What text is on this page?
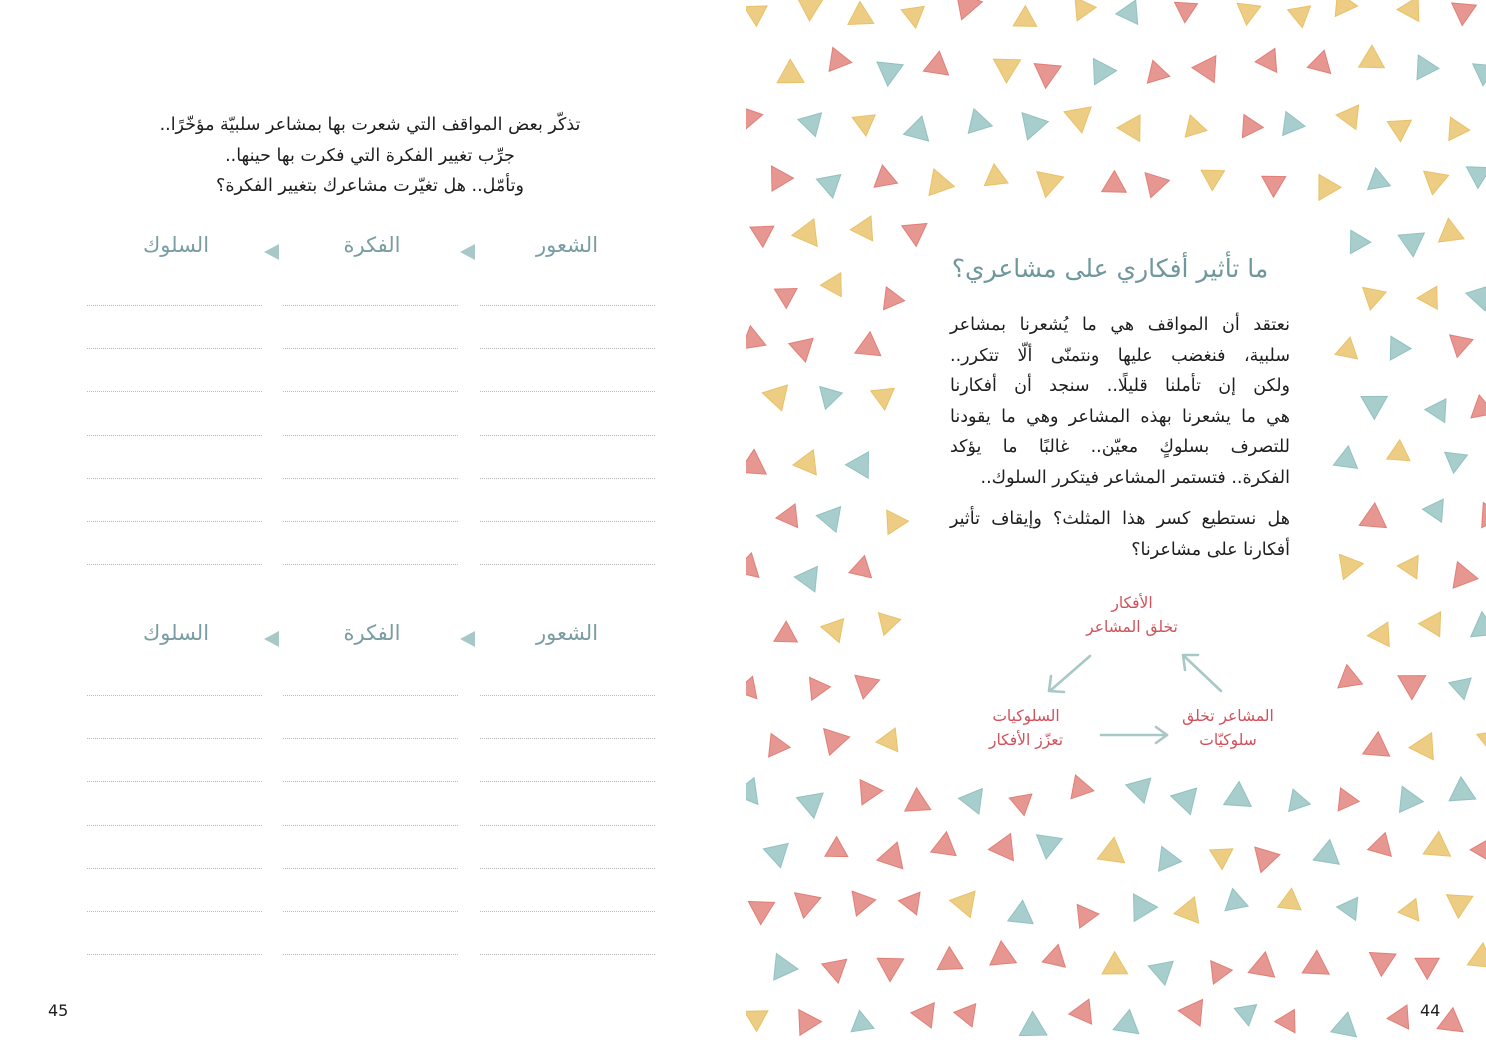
تذكّر بعض المواقف التي شعرت بها بمشاعر سلبيّة مؤخّرًا..
جرِّب تغيير الفكرة التي فكرت بها حينها..
وتأمّل.. هل تغيّرت مشاعرك بتغيير الفكرة؟
الشعور
الفكرة
السلوك
الشعور
الفكرة
السلوك
45
ما تأثير أفكاري على مشاعري؟
نعتقد أن المواقف هي ما يُشعرنا بمشاعر
سلبية، فنغضب عليها ونتمنّى ألّا تتكرر..
ولكن إن تأملنا قليلًا.. سنجد أن أفكارنا
هي ما يشعرنا بهذه المشاعر وهي ما يقودنا
للتصرف بسلوكٍ معيّن.. غالبًا ما يؤكد
الفكرة.. فتستمر المشاعر فيتكرر السلوك..
هل نستطيع كسر هذا المثلث؟ وإيقاف تأثير
أفكارنا على مشاعرنا؟
الأفكار
تخلق المشاعر
المشاعر تخلق
سلوكيّات
السلوكيات
تعزّز الأفكار
44
